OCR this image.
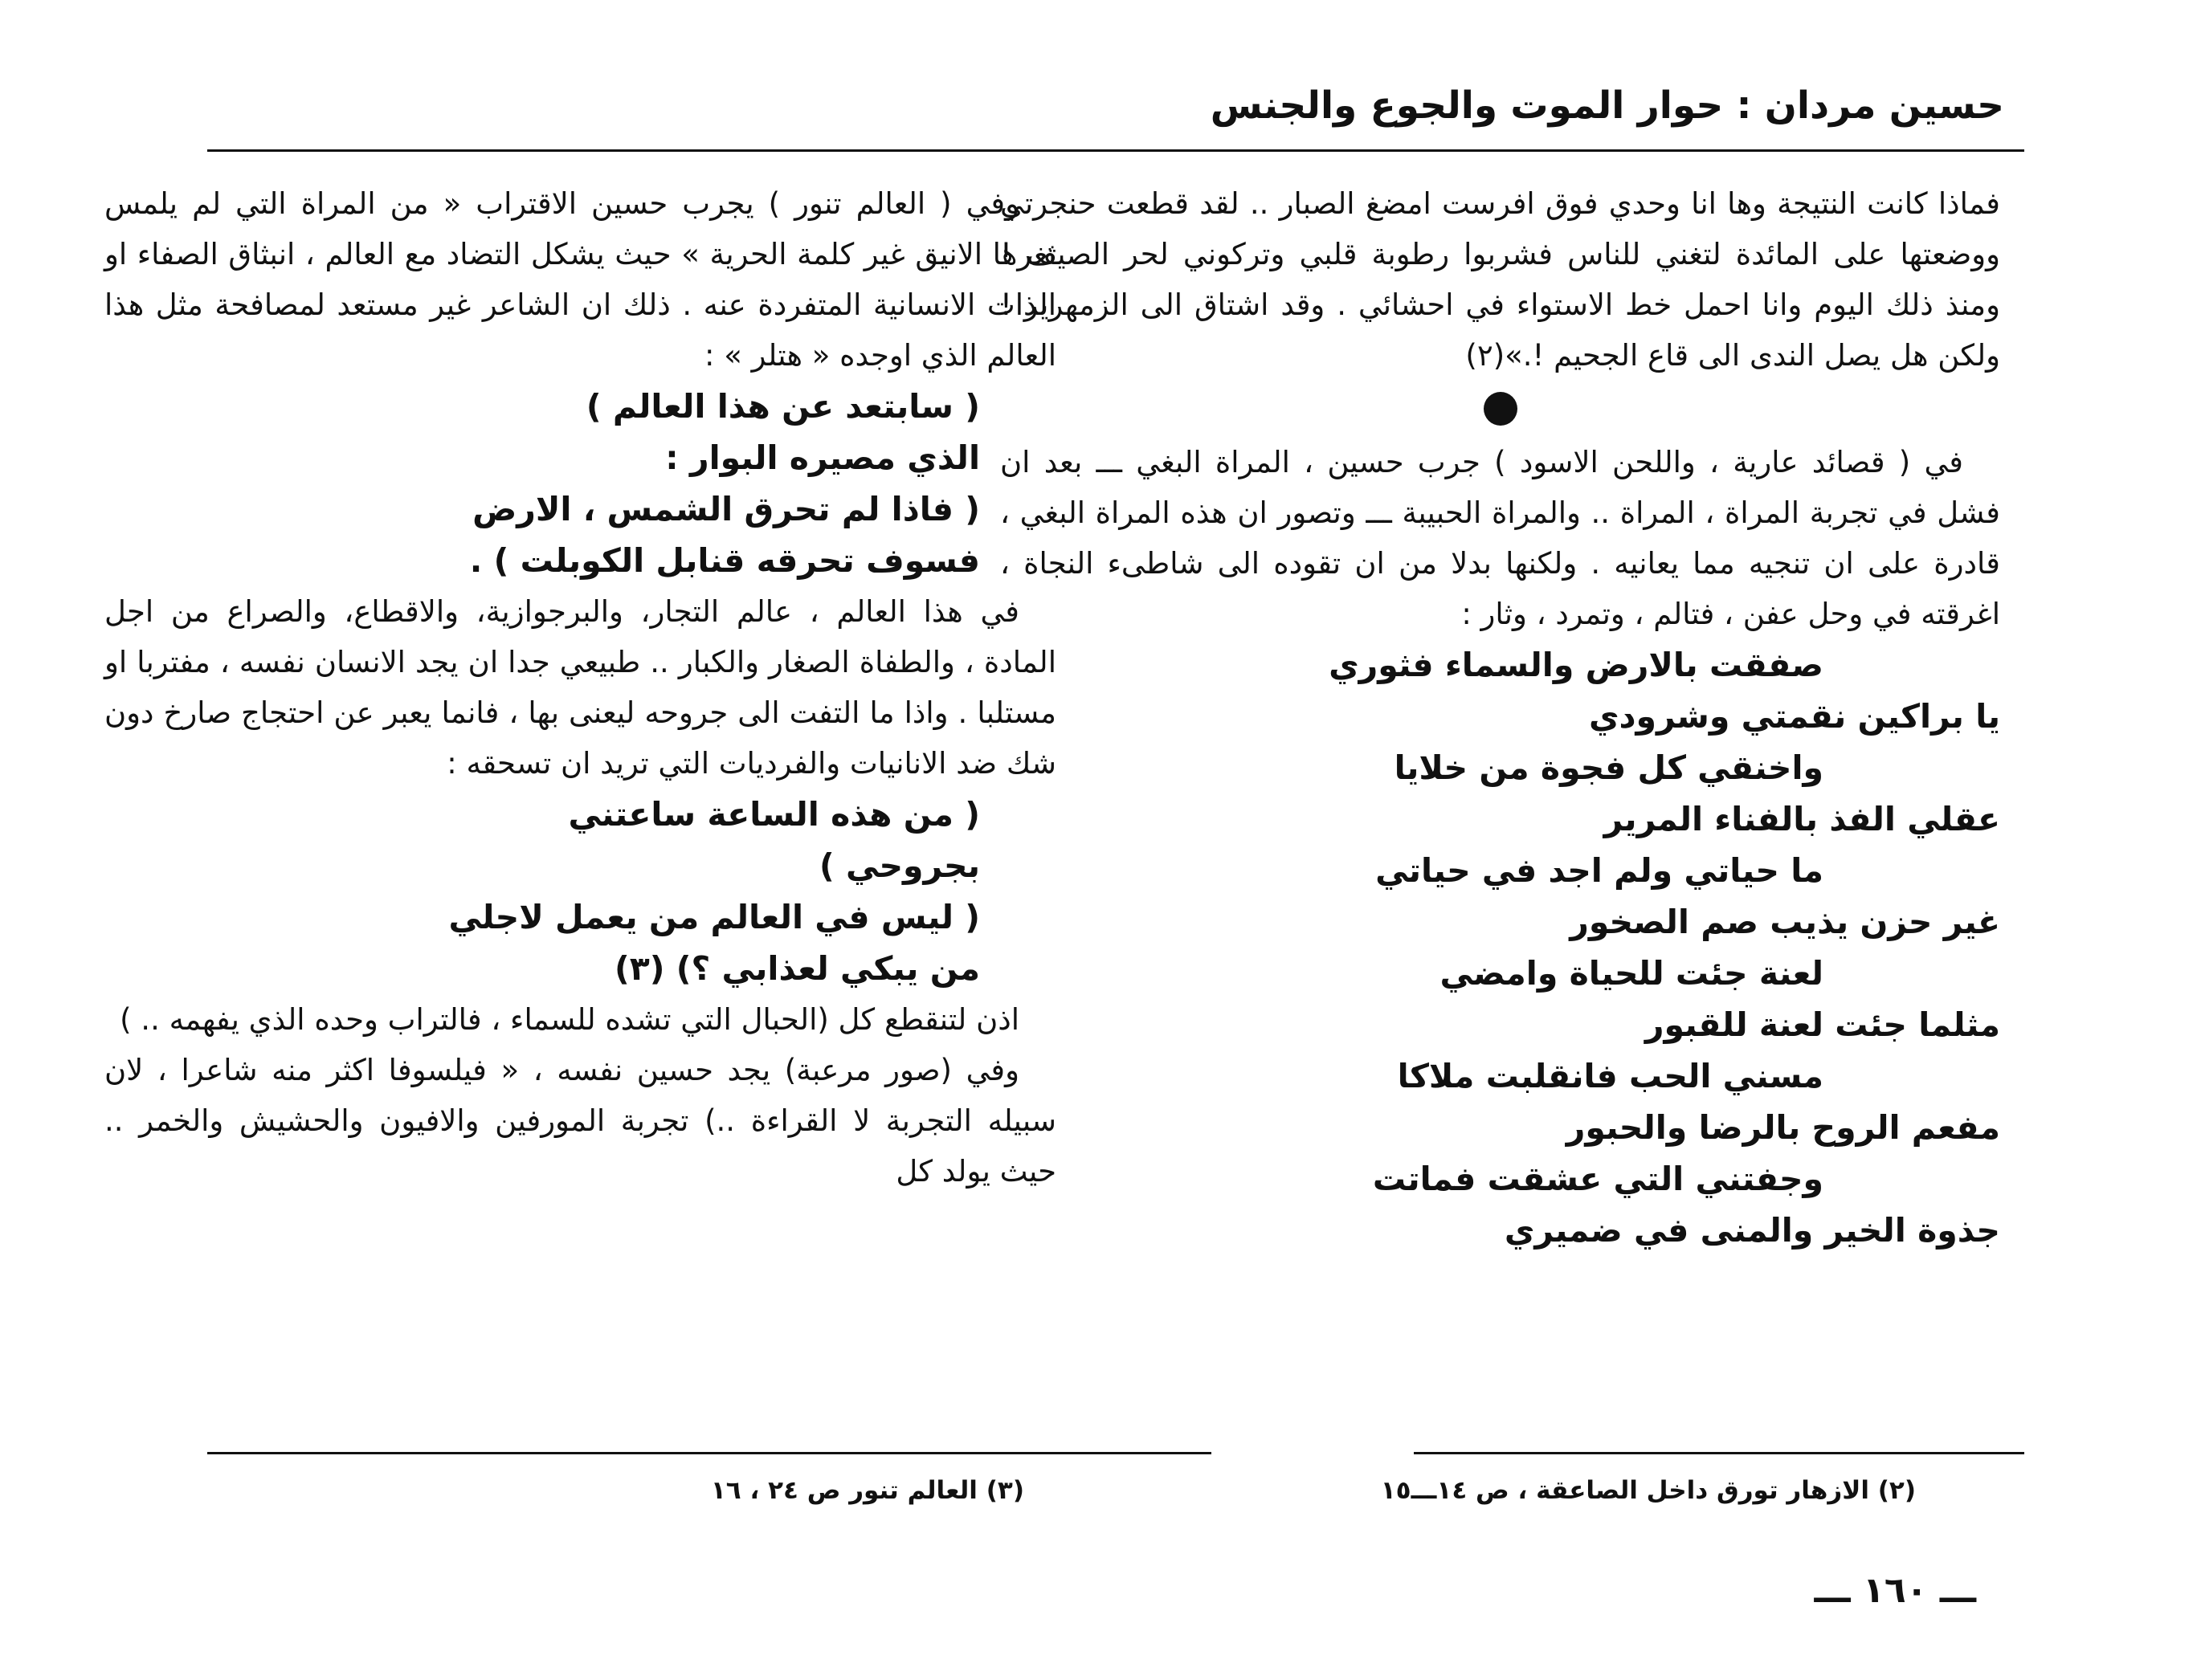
حسين مردان : حوار الموت والجوع والجنس

فماذا كانت النتيجة وها انا وحدي فوق افرست امضغ الصبار .. لقد قطعت حنجرتي ووضعتها على المائدة لتغني للناس فشربوا رطوبة قلبي وتركوني لحر الصيف ! ومنذ ذلك اليوم وانا احمل خط الاستواء في احشائي . وقد اشتاق الى الزمهرير ! ولكن هل يصل الندى الى قاع الجحيم !.»(٢)

في ( قصائد عارية ، واللحن الاسود ) جرب حسين ، المراة البغي ـــ بعد ان فشل في تجربة المراة ، المراة .. والمراة الحبيبة ـــ وتصور ان هذه المراة البغي ، قادرة على ان تنجيه مما يعانيه . ولكنها بدلا من ان تقوده الى شاطىء النجاة ، اغرقته في وحل عفن ، فتالم ، وتمرد ، وثار :

صفقت بالارض والسماء فثوري
يا براكين نقمتي وشرودي
واخنقي كل فجوة من خلايا
عقلي الفذ بالفناء المرير
ما حياتي ولم اجد في حياتي
غير حزن يذيب صم الصخور
لعنة جئت للحياة وامضي
مثلما جئت لعنة للقبور
مسني الحب فانقلبت ملاكا
مفعم الروح بالرضا والحبور
وجفتني التي عشقت فماتت
جذوة الخير والمنى في ضميري

وفي ( العالم تنور ) يجرب حسين الاقتراب « من المراة التي لم يلمس ثغرها الانيق غير كلمة الحرية » حيث يشكل التضاد مع العالم ، انبثاق الصفاء او الذات الانسانية المتفردة عنه . ذلك ان الشاعر غير مستعد لمصافحة مثل هذا العالم الذي اوجده « هتلر » :

( سابتعد عن هذا العالم )
الذي مصيره البوار :
( فاذا لم تحرق الشمس ، الارض
فسوف تحرقه قنابل الكوبلت ) .

في هذا العالم ، عالم التجار، والبرجوازية، والاقطاع، والصراع من اجل المادة ، والطفاة الصغار والكبار .. طبيعي جدا ان يجد الانسان نفسه ، مفتربا او مستلبا . واذا ما التفت الى جروحه ليعنى بها ، فانما يعبر عن احتجاج صارخ دون شك ضد الانانيات والفرديات التي تريد ان تسحقه :

( من هذه الساعة ساعتني
بجروحي )
( ليس في العالم من يعمل لاجلي
من يبكي لعذابي ؟) (٣)

اذن لتنقطع كل (الحبال التي تشده للسماء ، فالتراب وحده الذي يفهمه .. )

وفي (صور مرعبة) يجد حسين نفسه ، « فيلسوفا اكثر منه شاعرا ، لان سبيله التجربة لا القراءة ..) تجربة المورفين والافيون والحشيش والخمر .. حيث يولد كل

(٢) الازهار تورق داخل الصاعقة ، ص ١٤ـــ١٥
(٣) العالم تنور ص ٢٤ ، ١٦
ـــ ١٦٠ ـــ
